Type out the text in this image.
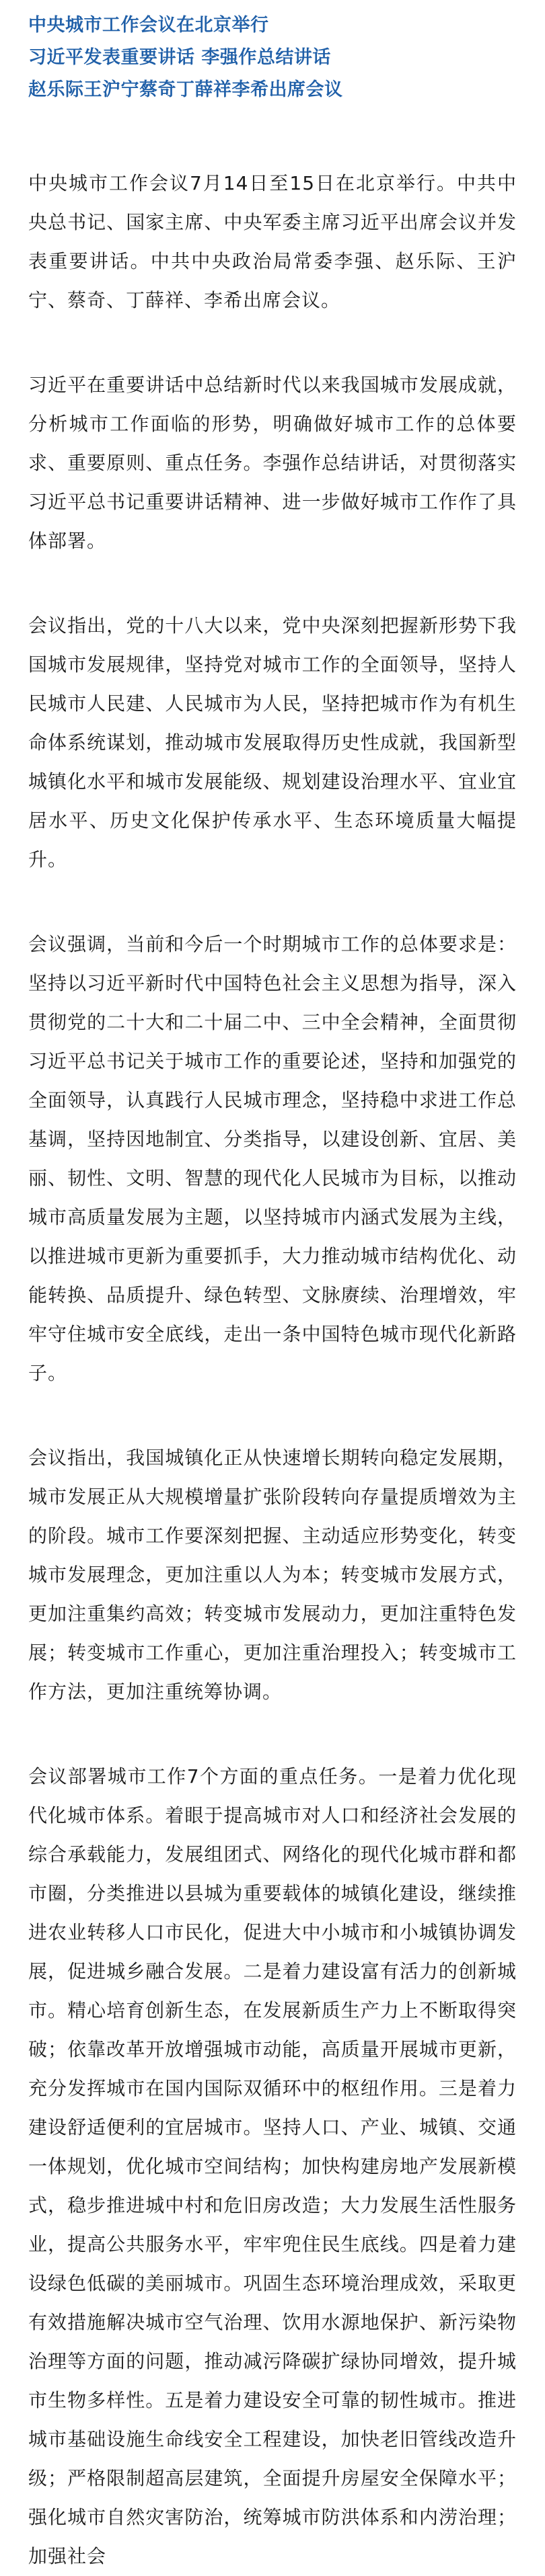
中央城市工作会议在北京举行
习近平发表重要讲话 李强作总结讲话
赵乐际王沪宁蔡奇丁薛祥李希出席会议

中央城市工作会议7月14日至15日在北京举行。中共中央总书记、国家主席、中央军委主席习近平出席会议并发表重要讲话。中共中央政治局常委李强、赵乐际、王沪宁、蔡奇、丁薛祥、李希出席会议。

习近平在重要讲话中总结新时代以来我国城市发展成就，分析城市工作面临的形势，明确做好城市工作的总体要求、重要原则、重点任务。李强作总结讲话，对贯彻落实习近平总书记重要讲话精神、进一步做好城市工作作了具体部署。

会议指出，党的十八大以来，党中央深刻把握新形势下我国城市发展规律，坚持党对城市工作的全面领导，坚持人民城市人民建、人民城市为人民，坚持把城市作为有机生命体系统谋划，推动城市发展取得历史性成就，我国新型城镇化水平和城市发展能级、规划建设治理水平、宜业宜居水平、历史文化保护传承水平、生态环境质量大幅提升。

会议强调，当前和今后一个时期城市工作的总体要求是：坚持以习近平新时代中国特色社会主义思想为指导，深入贯彻党的二十大和二十届二中、三中全会精神，全面贯彻习近平总书记关于城市工作的重要论述，坚持和加强党的全面领导，认真践行人民城市理念，坚持稳中求进工作总基调，坚持因地制宜、分类指导，以建设创新、宜居、美丽、韧性、文明、智慧的现代化人民城市为目标，以推动城市高质量发展为主题，以坚持城市内涵式发展为主线，以推进城市更新为重要抓手，大力推动城市结构优化、动能转换、品质提升、绿色转型、文脉赓续、治理增效，牢牢守住城市安全底线，走出一条中国特色城市现代化新路子。

会议指出，我国城镇化正从快速增长期转向稳定发展期，城市发展正从大规模增量扩张阶段转向存量提质增效为主的阶段。城市工作要深刻把握、主动适应形势变化，转变城市发展理念，更加注重以人为本；转变城市发展方式，更加注重集约高效；转变城市发展动力，更加注重特色发展；转变城市工作重心，更加注重治理投入；转变城市工作方法，更加注重统筹协调。

会议部署城市工作7个方面的重点任务。一是着力优化现代化城市体系。着眼于提高城市对人口和经济社会发展的综合承载能力，发展组团式、网络化的现代化城市群和都市圈，分类推进以县城为重要载体的城镇化建设，继续推进农业转移人口市民化，促进大中小城市和小城镇协调发展，促进城乡融合发展。二是着力建设富有活力的创新城市。精心培育创新生态，在发展新质生产力上不断取得突破；依靠改革开放增强城市动能，高质量开展城市更新，充分发挥城市在国内国际双循环中的枢纽作用。三是着力建设舒适便利的宜居城市。坚持人口、产业、城镇、交通一体规划，优化城市空间结构；加快构建房地产发展新模式，稳步推进城中村和危旧房改造；大力发展生活性服务业，提高公共服务水平，牢牢兜住民生底线。四是着力建设绿色低碳的美丽城市。巩固生态环境治理成效，采取更有效措施解决城市空气治理、饮用水源地保护、新污染物治理等方面的问题，推动减污降碳扩绿协同增效，提升城市生物多样性。五是着力建设安全可靠的韧性城市。推进城市基础设施生命线安全工程建设，加快老旧管线改造升级；严格限制超高层建筑，全面提升房屋安全保障水平；强化城市自然灾害防治，统筹城市防洪体系和内涝治理；加强社会
